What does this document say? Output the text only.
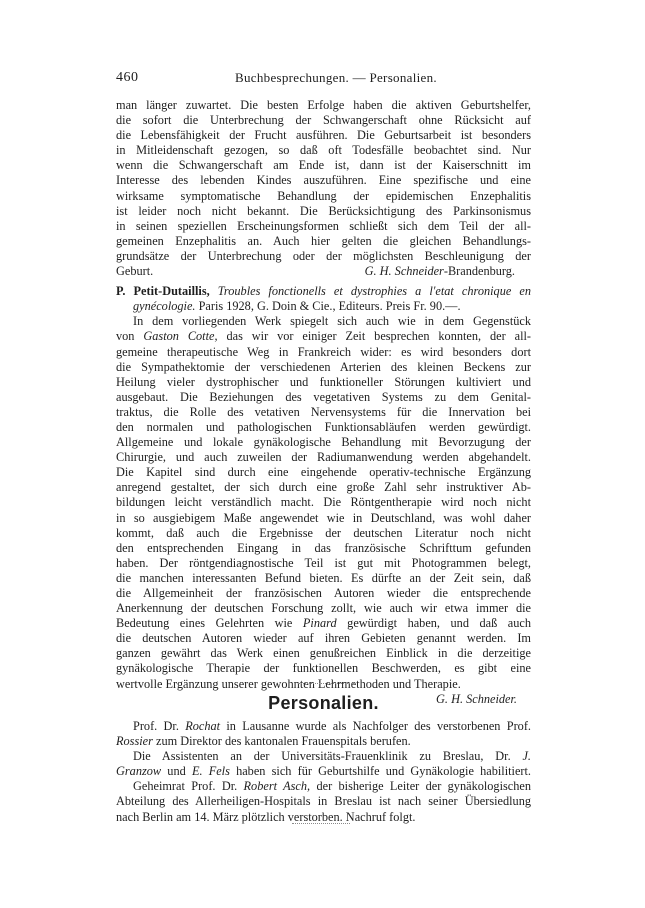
460	Buchbesprechungen. — Personalien.
man länger zuwartet. Die besten Erfolge haben die aktiven Geburtshelfer,
die sofort die Unterbrechung der Schwangerschaft ohne Rücksicht auf
die Lebensfähigkeit der Frucht ausführen. Die Geburtsarbeit ist besonders
in Mitleidenschaft gezogen, so daß oft Todesfälle beobachtet sind. Nur
wenn die Schwangerschaft am Ende ist, dann ist der Kaiserschnitt im
Interesse des lebenden Kindes auszuführen. Eine spezifische und eine
wirksame symptomatische Behandlung der epidemischen Enzephalitis
ist leider noch nicht bekannt. Die Berücksichtigung des Parkinsonismus
in seinen speziellen Erscheinungsformen schließt sich dem Teil der all-
gemeinen Enzephalitis an. Auch hier gelten die gleichen Behandlungs-
grundsätze der Unterbrechung oder der möglichsten Beschleunigung der
Geburt.	G. H. Schneider-Brandenburg.
P. Petit-Dutaillis, Troubles fonctionells et dystrophies a l'etat chronique en
gynécologie. Paris 1928, G. Doin & Cie., Editeurs. Preis Fr. 90.—.
In dem vorliegenden Werk spiegelt sich auch wie in dem Gegenstück
von Gaston Cotte, das wir vor einiger Zeit besprechen konnten, der all-
gemeine therapeutische Weg in Frankreich wider: es wird besonders dort
die Sympathektomie der verschiedenen Arterien des kleinen Beckens zur
Heilung vieler dystrophischer und funktioneller Störungen kultiviert und
ausgebaut. Die Beziehungen des vegetativen Systems zu dem Genital-
traktus, die Rolle des vetativen Nervensystems für die Innervation bei
den normalen und pathologischen Funktionsabläufen werden gewürdigt.
Allgemeine und lokale gynäkologische Behandlung mit Bevorzugung der
Chirurgie, und auch zuweilen der Radiumanwendung werden abgehandelt.
Die Kapitel sind durch eine eingehende operativ-technische Ergänzung
anregend gestaltet, der sich durch eine große Zahl sehr instruktiver Ab-
bildungen leicht verständlich macht. Die Röntgentherapie wird noch nicht
in so ausgiebigem Maße angewendet wie in Deutschland, was wohl daher
kommt, daß auch die Ergebnisse der deutschen Literatur noch nicht
den entsprechenden Eingang in das französische Schrifttum gefunden
haben. Der röntgendiagnostische Teil ist gut mit Photogrammen belegt,
die manchen interessanten Befund bieten. Es dürfte an der Zeit sein, daß
die Allgemeinheit der französischen Autoren wieder die entsprechende
Anerkennung der deutschen Forschung zollt, wie auch wir etwa immer die
Bedeutung eines Gelehrten wie Pinard gewürdigt haben, und daß auch
die deutschen Autoren wieder auf ihren Gebieten genannt werden. Im
ganzen gewährt das Werk einen genußreichen Einblick in die derzeitige
gynäkologische Therapie der funktionellen Beschwerden, es gibt eine
wertvolle Ergänzung unserer gewohnten Lehrmethoden und Therapie.
G. H. Schneider.
Personalien.
Prof. Dr. Rochat in Lausanne wurde als Nachfolger des verstorbenen Prof.
Rossier zum Direktor des kantonalen Frauenspitals berufen.
Die Assistenten an der Universitäts-Frauenklinik zu Breslau, Dr. J.
Granzow und E. Fels haben sich für Geburtshilfe und Gynäkologie habilitiert.
Geheimrat Prof. Dr. Robert Asch, der bisherige Leiter der gynäkologischen
Abteilung des Allerheiligen-Hospitals in Breslau ist nach seiner Übersiedlung
nach Berlin am 14. März plötzlich verstorben. Nachruf folgt.
